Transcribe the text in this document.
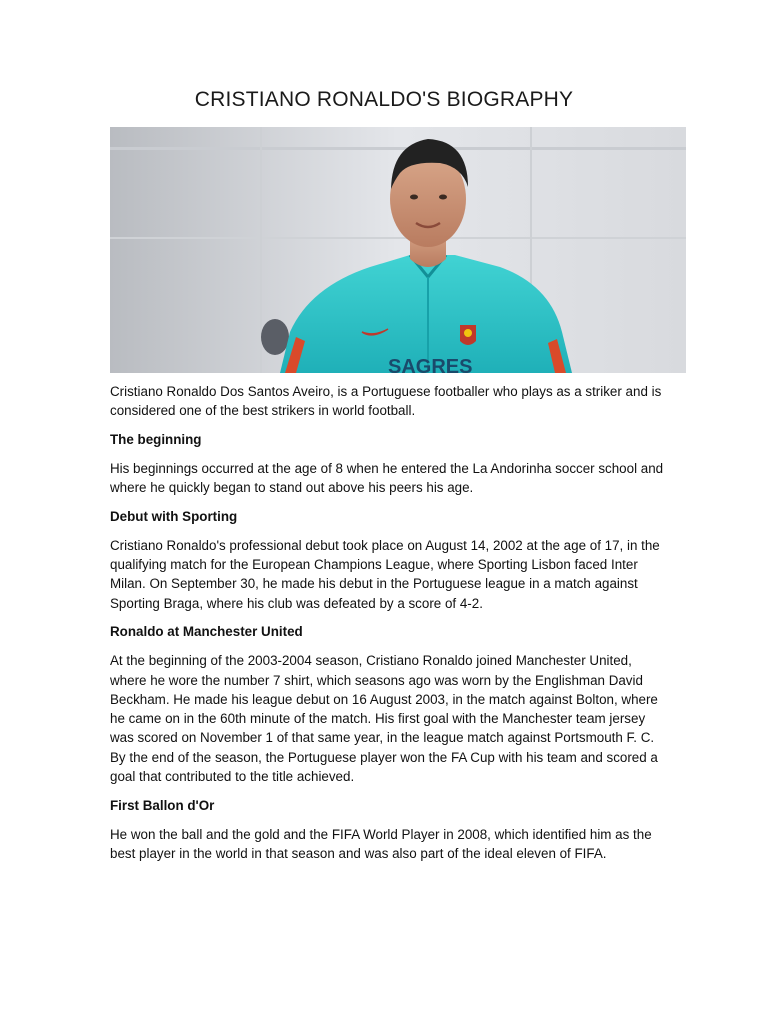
CRISTIANO RONALDO'S BIOGRAPHY
SAGRES

Cristiano Ronaldo Dos Santos Aveiro, is a Portuguese footballer who plays as a striker and is considered one of the best strikers in world football.

The beginning

His beginnings occurred at the age of 8 when he entered the La Andorinha soccer school and where he quickly began to stand out above his peers his age.

Debut with Sporting

Cristiano Ronaldo's professional debut took place on August 14, 2002 at the age of 17, in the qualifying match for the European Champions League, where Sporting Lisbon faced Inter Milan. On September 30, he made his debut in the Portuguese league in a match against Sporting Braga, where his club was defeated by a score of 4-2.

Ronaldo at Manchester United

At the beginning of the 2003-2004 season, Cristiano Ronaldo joined Manchester United, where he wore the number 7 shirt, which seasons ago was worn by the Englishman David Beckham. He made his league debut on 16 August 2003, in the match against Bolton, where he came on in the 60th minute of the match. His first goal with the Manchester team jersey was scored on November 1 of that same year, in the league match against Portsmouth F. C. By the end of the season, the Portuguese player won the FA Cup with his team and scored a goal that contributed to the title achieved.

First Ballon d'Or

He won the ball and the gold and the FIFA World Player in 2008, which identified him as the best player in the world in that season and was also part of the ideal eleven of FIFA.
